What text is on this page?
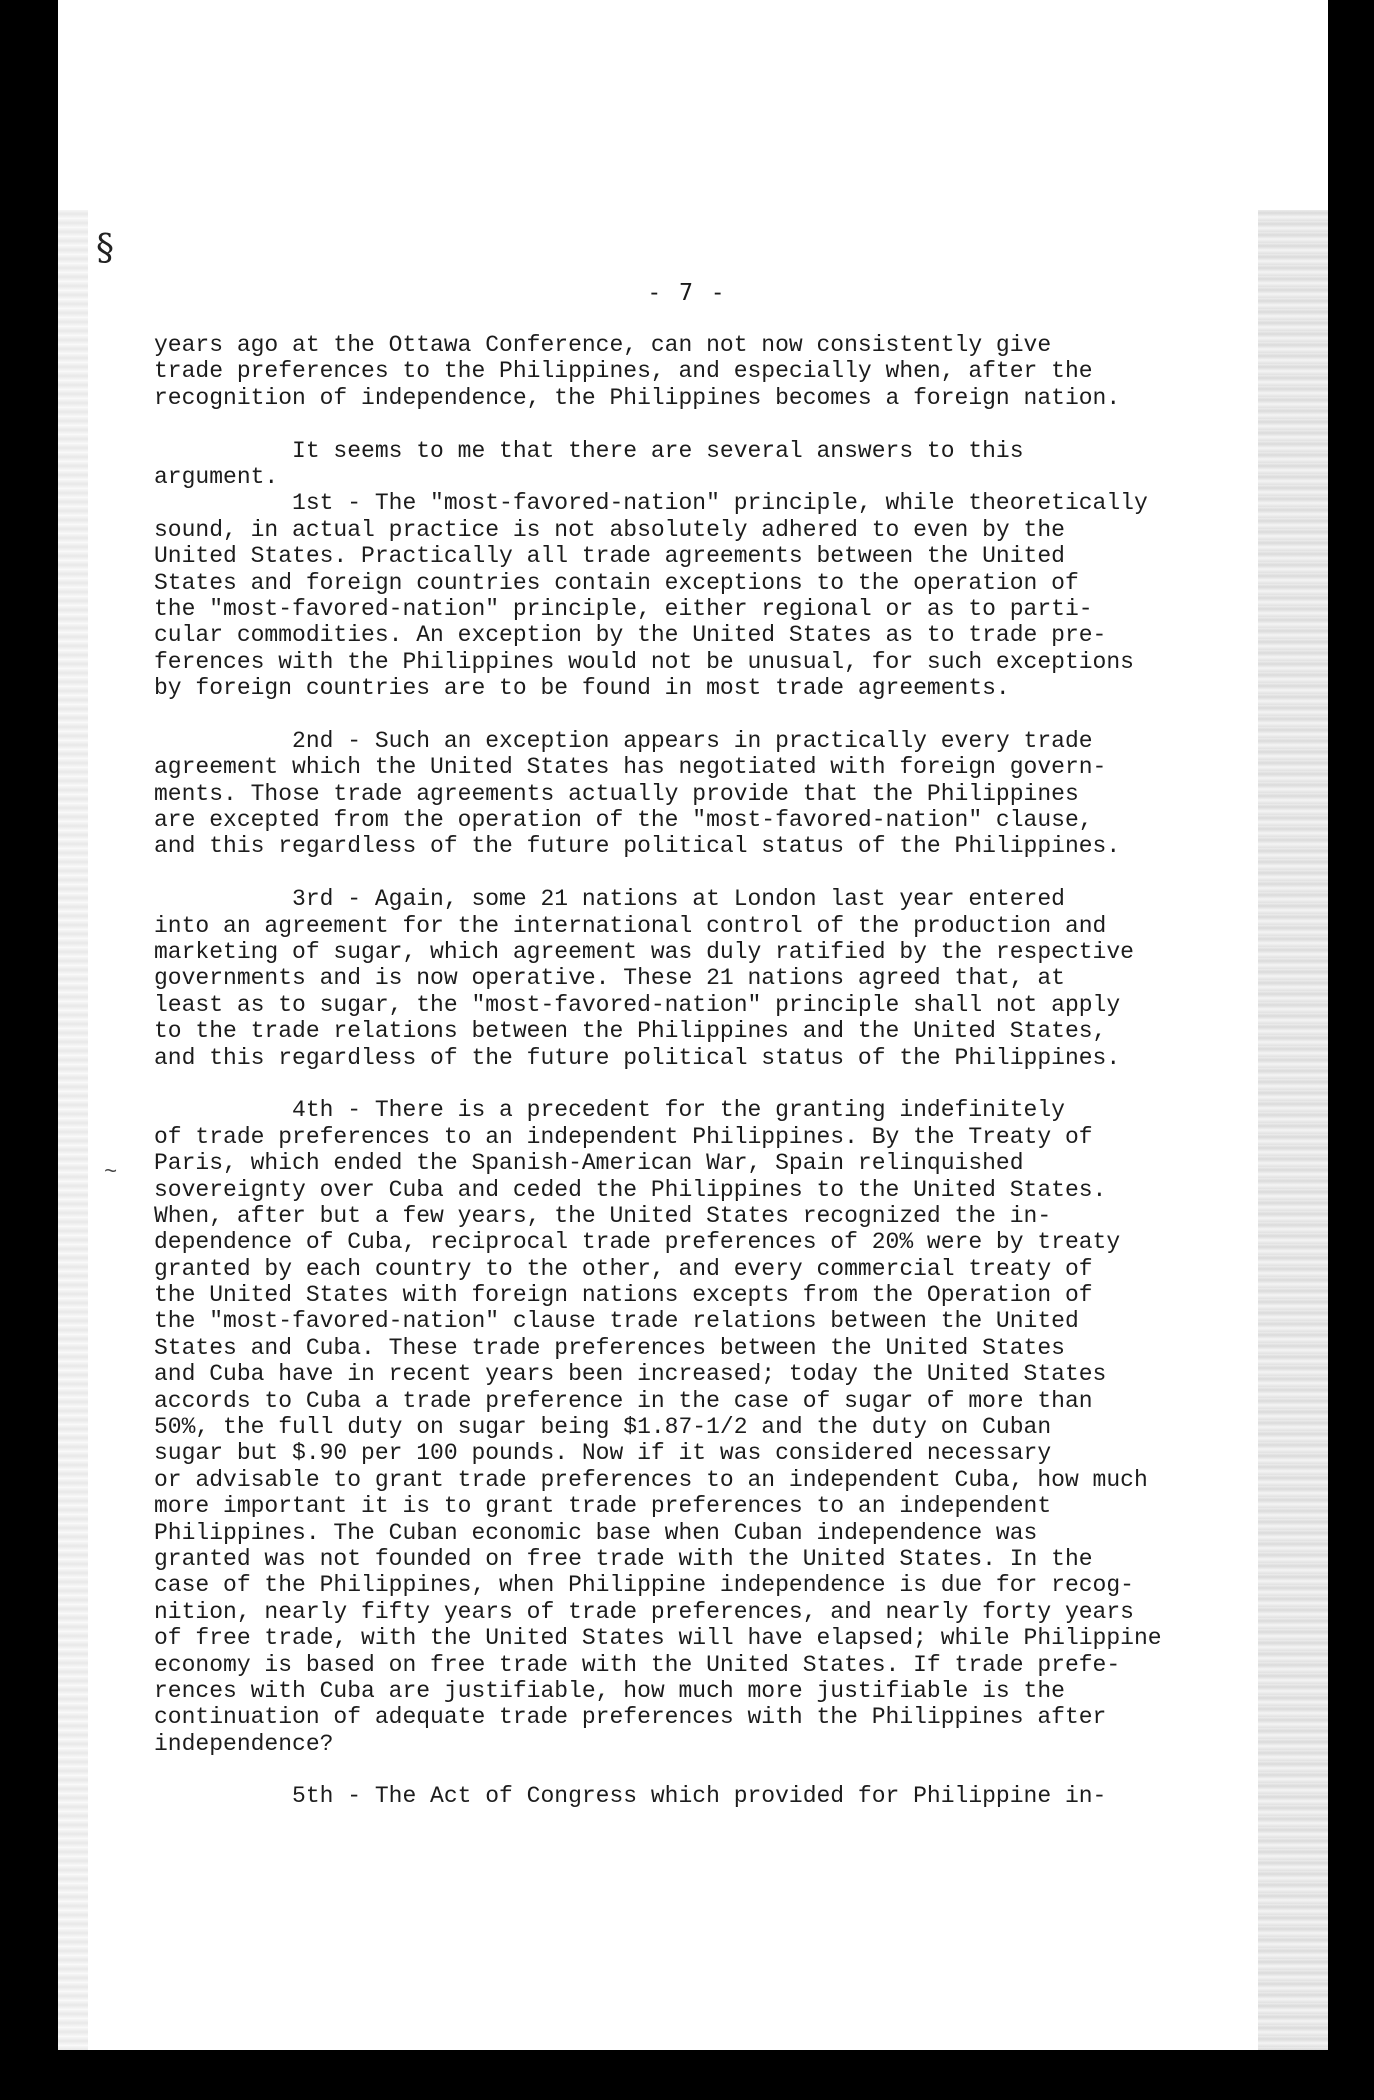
§
- 7 -
~
years ago at the Ottawa Conference, can not now consistently give
trade preferences to the Philippines, and especially when, after the
recognition of independence, the Philippines becomes a foreign nation.
It seems to me that there are several answers to this
argument.
1st - The "most-favored-nation" principle, while theoretically
sound, in actual practice is not absolutely adhered to even by the
United States. Practically all trade agreements between the United
States and foreign countries contain exceptions to the operation of
the "most-favored-nation" principle, either regional or as to parti-
cular commodities. An exception by the United States as to trade pre-
ferences with the Philippines would not be unusual, for such exceptions
by foreign countries are to be found in most trade agreements.
2nd - Such an exception appears in practically every trade
agreement which the United States has negotiated with foreign govern-
ments. Those trade agreements actually provide that the Philippines
are excepted from the operation of the "most-favored-nation" clause,
and this regardless of the future political status of the Philippines.
3rd - Again, some 21 nations at London last year entered
into an agreement for the international control of the production and
marketing of sugar, which agreement was duly ratified by the respective
governments and is now operative. These 21 nations agreed that, at
least as to sugar, the "most-favored-nation" principle shall not apply
to the trade relations between the Philippines and the United States,
and this regardless of the future political status of the Philippines.
4th - There is a precedent for the granting indefinitely
of trade preferences to an independent Philippines. By the Treaty of
Paris, which ended the Spanish-American War, Spain relinquished
sovereignty over Cuba and ceded the Philippines to the United States.
When, after but a few years, the United States recognized the in-
dependence of Cuba, reciprocal trade preferences of 20% were by treaty
granted by each country to the other, and every commercial treaty of
the United States with foreign nations excepts from the Operation of
the "most-favored-nation" clause trade relations between the United
States and Cuba. These trade preferences between the United States
and Cuba have in recent years been increased; today the United States
accords to Cuba a trade preference in the case of sugar of more than
50%, the full duty on sugar being $1.87-1/2 and the duty on Cuban
sugar but $.90 per 100 pounds. Now if it was considered necessary
or advisable to grant trade preferences to an independent Cuba, how much
more important it is to grant trade preferences to an independent
Philippines. The Cuban economic base when Cuban independence was
granted was not founded on free trade with the United States. In the
case of the Philippines, when Philippine independence is due for recog-
nition, nearly fifty years of trade preferences, and nearly forty years
of free trade, with the United States will have elapsed; while Philippine
economy is based on free trade with the United States. If trade prefe-
rences with Cuba are justifiable, how much more justifiable is the
continuation of adequate trade preferences with the Philippines after
independence?
5th - The Act of Congress which provided for Philippine in-
